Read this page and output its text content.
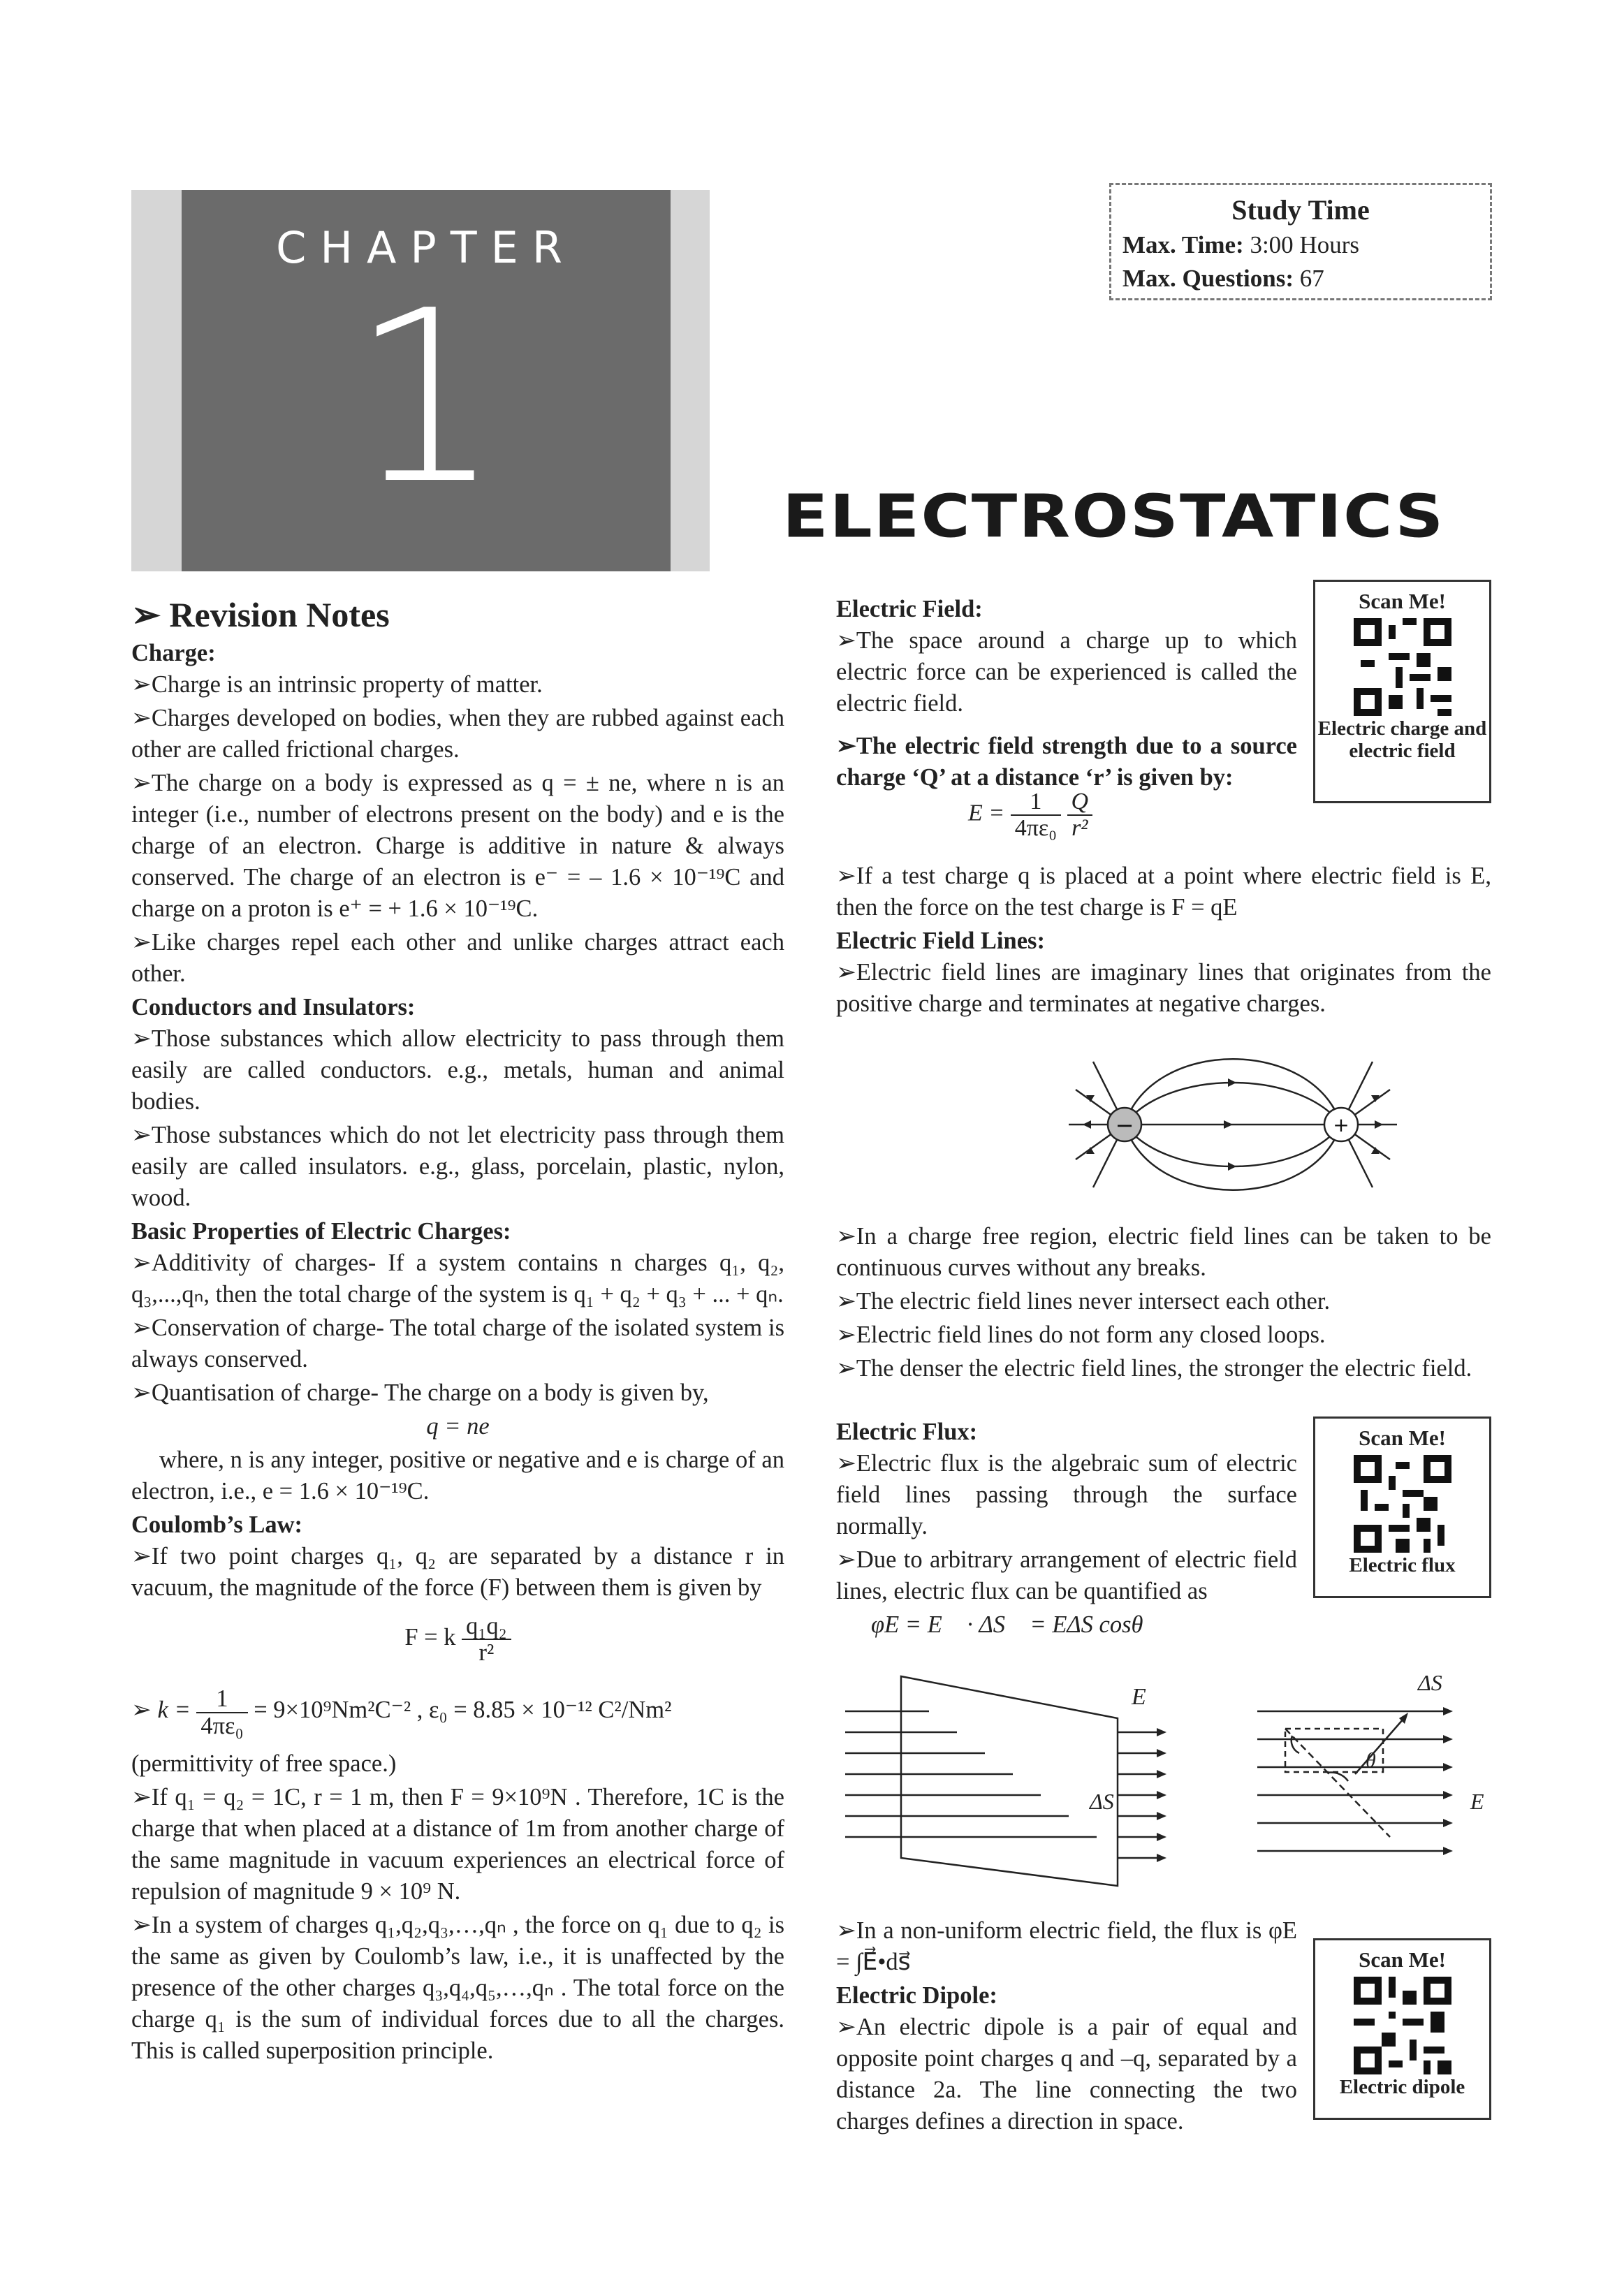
CHAPTER
1
Study Time
Max. Time: 3:00 Hours
Max. Questions: 67
ELECTROSTATICS

➢ Revision Notes

Charge:

➢ Charge is an intrinsic property of matter.

➢ Charges developed on bodies, when they are rubbed against each other are called frictional charges.

➢ The charge on a body is expressed as q = ± ne, where n is an integer (i.e., number of electrons present on the body) and e is the charge of an electron. Charge is additive in nature & always conserved. The charge of an electron is e⁻ = – 1.6 × 10⁻¹⁹C and charge on a proton is e⁺ = + 1.6 × 10⁻¹⁹C.

➢ Like charges repel each other and unlike charges attract each other.

Conductors and Insulators:

➢ Those substances which allow electricity to pass through them easily are called conductors. e.g., metals, human and animal bodies.

➢ Those substances which do not let electricity pass through them easily are called insulators. e.g., glass, porcelain, plastic, nylon, wood.

Basic Properties of Electric Charges:

➢ Additivity of charges- If a system contains n charges q₁, q₂, q₃,...,qₙ, then the total charge of the system is q₁ + q₂ + q₃ + ... + qₙ.

➢ Conservation of charge- The total charge of the isolated system is always conserved.

➢ Quantisation of charge- The charge on a body is given by,

q = ne

where, n is any integer, positive or negative and e is charge of an electron, i.e., e = 1.6 × 10⁻¹⁹C.

Coulomb’s Law:

➢ If two point charges q₁, q₂ are separated by a distance r in vacuum, the magnitude of the force (F) between them is given by

F = k $\frac{\text{q₁q₂}}{\text{r²}}$

➢ $k = \frac{1}{\text{4πε₀}} = 9\times 10^9Nm^2C^{-2}$ , ε₀ = 8.85 × 10⁻¹² C²/Nm²

(permittivity of free space.)

➢ If q₁ = q₂ = 1C, r = 1 m, then F = 9×10⁹N . Therefore, 1C is the charge that when placed at a distance of 1m from another charge of the same magnitude in vacuum experiences an electrical force of repulsion of magnitude 9 × 10⁹ N.

➢ In a system of charges q₁,q₂,q₃,…,qₙ , the force on q₁ due to q₂ is the same as given by Coulomb’s law, i.e., it is unaffected by the presence of the other charges q₃,q₄,q₅,…,qₙ . The total force on the charge q₁ is the sum of individual forces due to all the charges. This is called superposition principle.

Electric Field:

➢ The space around a charge up to which electric force can be experienced is called the electric field.

➢ The electric field strength due to a source charge ‘Q’ at a distance ‘r’ is given by:

$E = \frac{1}{\text{4πε₀}}$
$\frac{Q}{\text{r²}}$
Scan Me!
Electric charge and electric field

➢ If a test charge q is placed at a point where electric field is E, then the force on the test charge is F = qE

Electric Field Lines:

➢ Electric field lines are imaginary lines that originates from the positive charge and terminates at negative charges.

−	+

➢ In a charge free region, electric field lines can be taken to be continuous curves without any breaks.

➢ The electric field lines never intersect each other.

➢ Electric field lines do not form any closed loops.

➢ The denser the electric field lines, the stronger the electric field.

Electric Flux:

➢ Electric flux is the algebraic sum of electric field lines passing through the surface normally.

➢ Due to arbitrary arrangement of electric field lines, electric flux can be quantified as

φE = E⃗ · ΔS⃗ = EΔS cosθ

Scan Me!
Electric flux
E
ΔS
ΔS
θ
E

➢ In a non-uniform electric field, the flux is φE = ∫E⃗•ds⃗

Electric Dipole:

➢ An electric dipole is a pair of equal and opposite point charges q and –q, separated by a distance 2a. The line connecting the two charges defines a direction in space.

Scan Me!
Electric dipole
